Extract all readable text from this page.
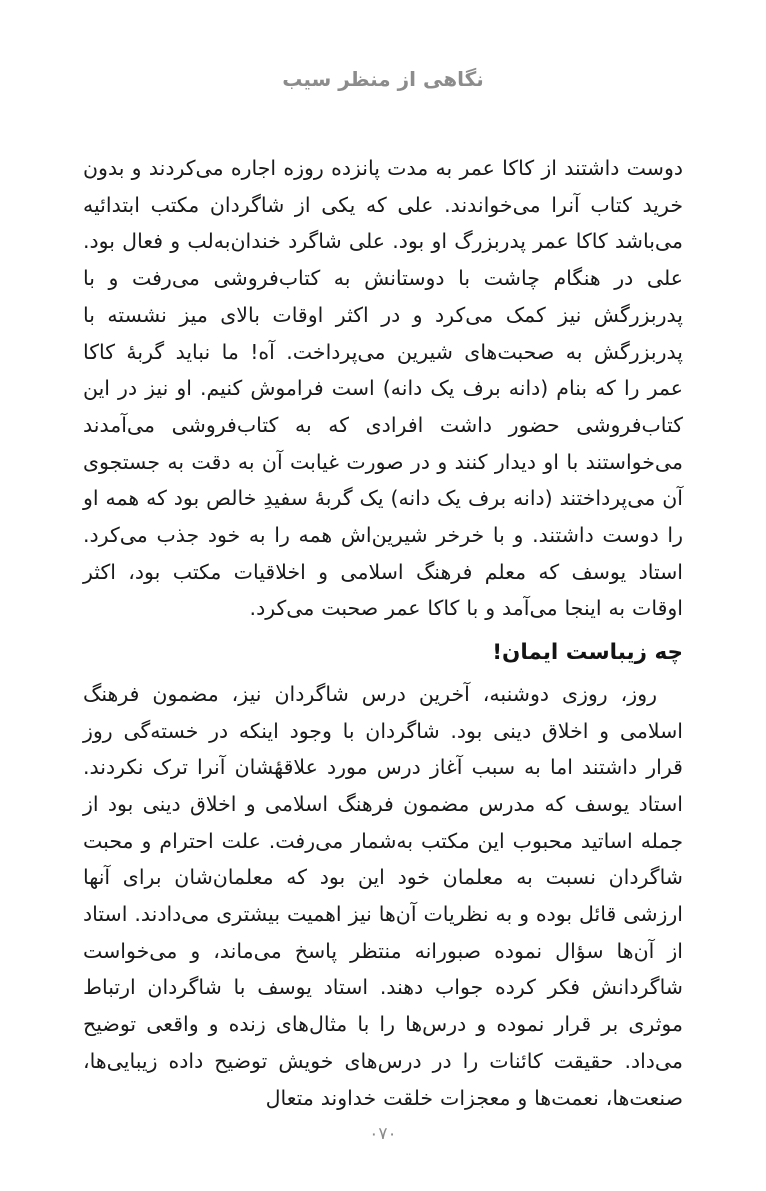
نگاهی از منظر سیب

دوست داشتند از کاکا عمر به مدت پانزده روزه اجاره می‌کردند و بدون خرید کتاب آنرا می‌خواندند. علی که یکی از شاگردان مکتب ابتدائیه می‌باشد کاکا عمر پدربزرگ او بود. علی شاگرد خندان‌به‌لب و فعال بود. علی در هنگام چاشت با دوستانش به کتاب‌فروشی می‌رفت و با پدربزرگش نیز کمک می‌کرد و در اکثر اوقات بالای میز نشسته با پدربزرگش به صحبت‌های شیرین می‌پرداخت. آه! ما نباید گربهٔ کاکا عمر را که بنام (دانه برف یک دانه) است فراموش کنیم. او نیز در این کتاب‌فروشی حضور داشت افرادی که به کتاب‌فروشی می‌آمدند می‌خواستند با او دیدار کنند و در صورت غیابت آن به دقت به جستجوی آن می‌پرداختند (دانه برف یک دانه) یک گربهٔ سفیدِ خالص بود که همه او را دوست داشتند. و با خرخر شیرین‌اش همه را به خود جذب می‌کرد. استاد یوسف که معلم فرهنگ اسلامی و اخلاقیات مکتب بود، اکثر اوقات به اینجا می‌آمد و با کاکا عمر صحبت می‌کرد.

چه زیباست ایمان!

روز، روزی دوشنبه، آخرین درس شاگردان نیز، مضمون فرهنگ اسلامی و اخلاق دینی بود. شاگردان با وجود اینکه در خسته‌گی روز قرار داشتند اما به سبب آغاز درس مورد علاقهٔشان آنرا ترک نکردند. استاد یوسف که مدرس مضمون فرهنگ اسلامی و اخلاق دینی بود از جمله اساتید محبوب این مکتب به‌شمار می‌رفت. علت احترام و محبت شاگردان نسبت به معلمان خود این بود که معلمان‌شان برای آنها ارزشی قائل بوده و به نظریات آن‌ها نیز اهمیت بیشتری می‌دادند. استاد از آن‌ها سؤال نموده صبورانه منتظر پاسخ می‌ماند، و می‌خواست شاگردانش فکر کرده جواب دهند. استاد یوسف با شاگردان ارتباط موثری بر قرار نموده و درس‌ها را با مثال‌های زنده و واقعی توضیح می‌داد. حقیقت کائنات را در درس‌های خویش توضیح داده زیبایی‌ها، صنعت‌ها، نعمت‌ها و معجزات خلقت خداوند متعال

۰۷۰
